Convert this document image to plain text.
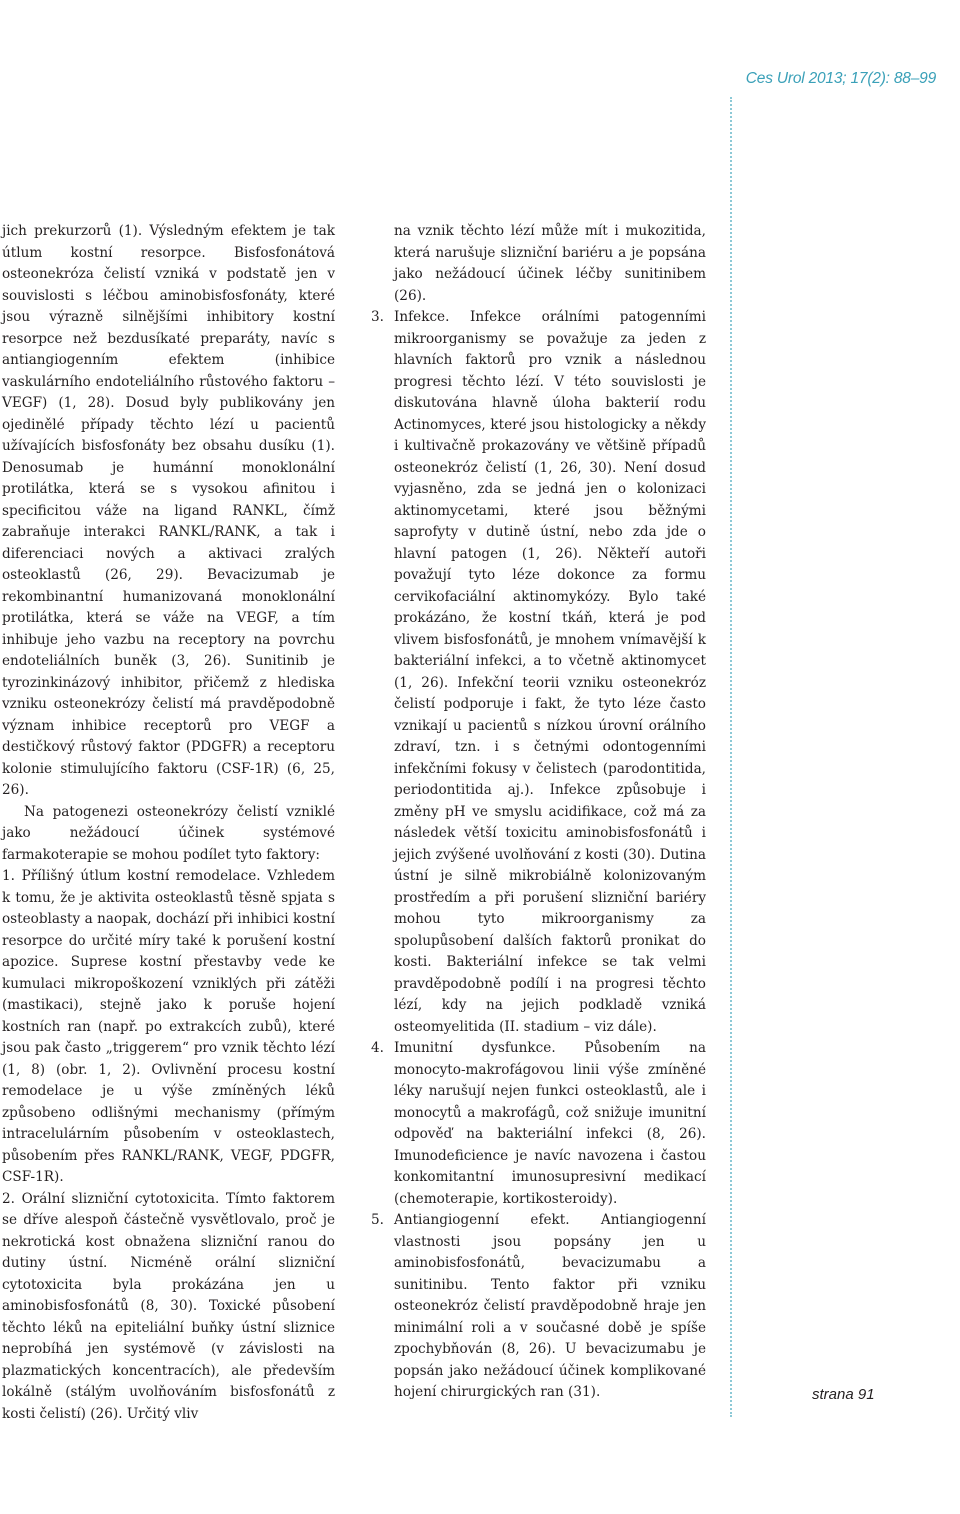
Ces Urol 2013; 17(2): 88–99

jich prekurzorů (1). Výsledným efektem je tak útlum kostní resorpce. Bisfosfonátová osteonekróza čelistí vzniká v podstatě jen v souvislosti s léčbou aminobisfosfonáty, které jsou výrazně silnějšími inhibitory kostní resorpce než bezdusíkaté preparáty, navíc s antiangiogenním efektem (inhibice vaskulárního endoteliálního růstového faktoru – VEGF) (1, 28). Dosud byly publikovány jen ojedinělé případy těchto lézí u pacientů užívajících bisfosfonáty bez obsahu dusíku (1). Denosumab je humánní monoklonální protilátka, která se s vysokou afinitou i specificitou váže na ligand RANKL, čímž zabraňuje interakci RANKL/RANK, a tak i diferenciaci nových a aktivaci zralých osteoklastů (26, 29). Bevacizumab je rekombinantní humanizovaná monoklonální protilátka, která se váže na VEGF, a tím inhibuje jeho vazbu na receptory na povrchu endoteliálních buněk (3, 26). Sunitinib je tyrozinkinázový inhibitor, přičemž z hlediska vzniku osteonekrózy čelistí má pravděpodobně význam inhibice receptorů pro VEGF a destičkový růstový faktor (PDGFR) a receptoru kolonie stimulujícího faktoru (CSF-1R) (6, 25, 26).

Na patogenezi osteonekrózy čelistí vzniklé jako nežádoucí účinek systémové farmakoterapie se mohou podílet tyto faktory:

1. Přílišný útlum kostní remodelace. Vzhledem k tomu, že je aktivita osteoklastů těsně spjata s osteoblasty a naopak, dochází při inhibici kostní resorpce do určité míry také k porušení kostní apozice. Suprese kostní přestavby vede ke kumulaci mikropoškození vzniklých při zátěži (mastikaci), stejně jako k poruše hojení kostních ran (např. po extrakcích zubů), které jsou pak často „triggerem“ pro vznik těchto lézí (1, 8) (obr. 1, 2). Ovlivnění procesu kostní remodelace je u výše zmíněných léků způsobeno odlišnými mechanismy (přímým intracelulárním působením v osteoklastech, působením přes RANKL/RANK, VEGF, PDGFR, CSF-1R).
2. Orální slizniční cytotoxicita. Tímto faktorem se dříve alespoň částečně vysvětlovalo, proč je nekrotická kost obnažena slizniční ranou do dutiny ústní. Nicméně orální slizniční cytotoxicita byla prokázána jen u aminobisfosfonátů (8, 30). Toxické působení těchto léků na epiteliální buňky ústní sliznice neprobíhá jen systémově (v závislosti na plazmatických koncentracích), ale především lokálně (stálým uvolňováním bisfosfonátů z kosti čelistí) (26). Určitý vliv

na vznik těchto lézí může mít i mukozitida, která narušuje slizniční bariéru a je popsána jako nežádoucí účinek léčby sunitinibem (26).

3. Infekce. Infekce orálními patogenními mikroorganismy se považuje za jeden z hlavních faktorů pro vznik a následnou progresi těchto lézí. V této souvislosti je diskutována hlavně úloha bakterií rodu Actinomyces, které jsou histologicky a někdy i kultivačně prokazovány ve většině případů osteonekróz čelistí (1, 26, 30). Není dosud vyjasněno, zda se jedná jen o kolonizaci aktinomycetami, které jsou běžnými saprofyty v dutině ústní, nebo zda jde o hlavní patogen (1, 26). Někteří autoři považují tyto léze dokonce za formu cervikofaciální aktinomykózy. Bylo také prokázáno, že kostní tkáň, která je pod vlivem bisfosfonátů, je mnohem vnímavější k bakteriální infekci, a to včetně aktinomycet (1, 26). Infekční teorii vzniku osteonekróz čelistí podporuje i fakt, že tyto léze často vznikají u pacientů s nízkou úrovní orálního zdraví, tzn. i s četnými odontogenními infekčními fokusy v čelistech (parodontitida, periodontitida aj.). Infekce způsobuje i změny pH ve smyslu acidifikace, což má za následek větší toxicitu aminobisfosfonátů i jejich zvýšené uvolňování z kosti (30). Dutina ústní je silně mikrobiálně kolonizovaným prostředím a při porušení slizniční bariéry mohou tyto mikroorganismy za spolupůsobení dalších faktorů pronikat do kosti. Bakteriální infekce se tak velmi pravděpodobně podílí i na progresi těchto lézí, kdy na jejich podkladě vzniká osteomyelitida (II. stadium – viz dále).
4. Imunitní dysfunkce. Působením na monocyto-makrofágovou linii výše zmíněné léky narušují nejen funkci osteoklastů, ale i monocytů a makrofágů, což snižuje imunitní odpověď na bakteriální infekci (8, 26). Imunodeficience je navíc navozena i častou konkomitantní imunosupresivní medikací (chemoterapie, kortikosteroidy).
5. Antiangiogenní efekt. Antiangiogenní vlastnosti jsou popsány jen u aminobisfosfonátů, bevacizumabu a sunitinibu. Tento faktor při vzniku osteonekróz čelistí pravděpodobně hraje jen minimální roli a v současné době je spíše zpochybňován (8, 26). U bevacizumabu je popsán jako nežádoucí účinek komplikované hojení chirurgických ran (31).	strana 91
